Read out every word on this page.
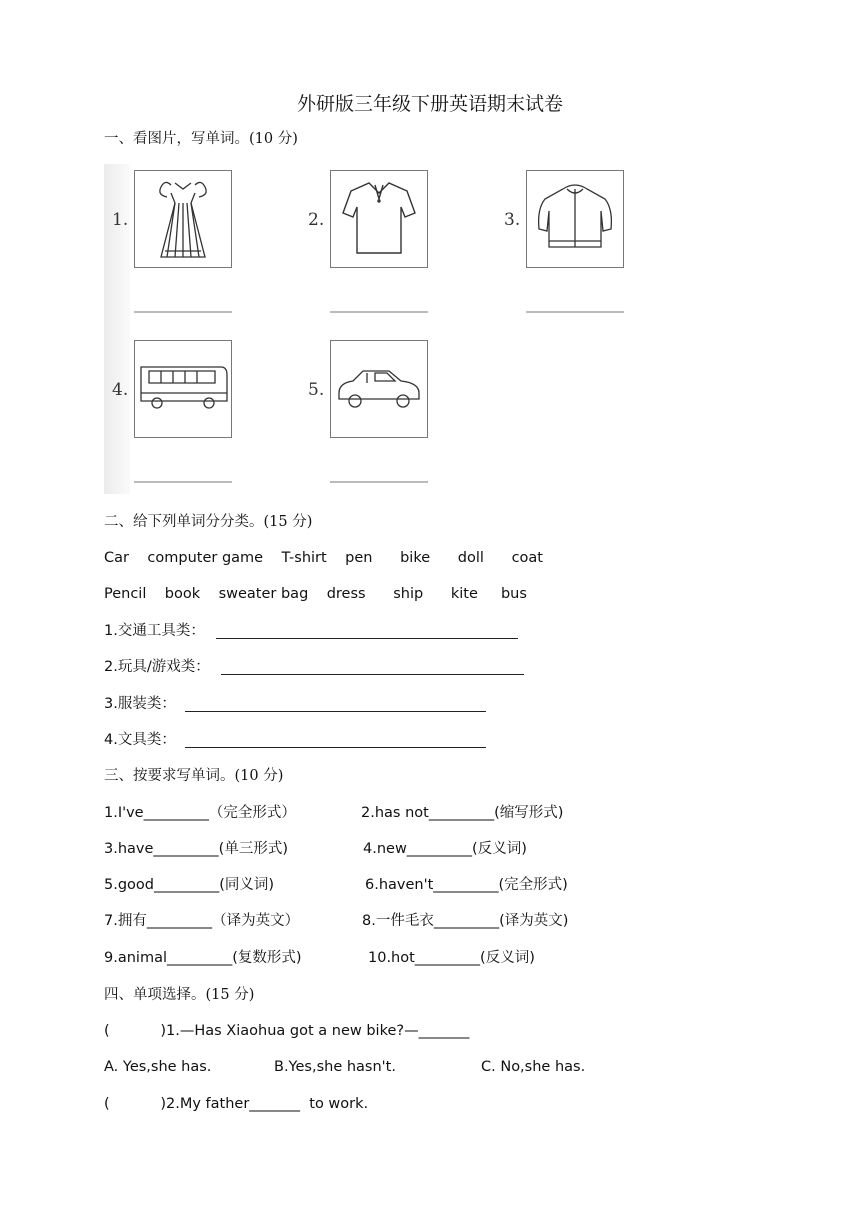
外研版三年级下册英语期末试卷
一、看图片，写单词。(10 分)
1.	2.	3.
4.	5.
二、给下列单词分分类。(15 分)
Car    computer game    T-shirt    pen      bike      doll      coat
Pencil    book    sweater bag    dress      ship      kite     bus
1.交通工具类：
2.玩具/游戏类：
3.服装类：
4.文具类：
三、按要求写单词。(10 分)
1.I've_________（完全形式）	2.has not_________(缩写形式)
3.have_________(单三形式)	4.new_________(反义词)
5.good_________(同义词)	6.haven't_________(完全形式)
7.拥有_________（译为英文）	8.一件毛衣_________(译为英文)
9.animal_________(复数形式)	10.hot_________(反义词)
四、单项选择。(15 分)
(           )1.—Has Xiaohua got a new bike?—_______
A. Yes,she has.	B.Yes,she hasn't.	C. No,she has.
(           )2.My father_______  to work.
